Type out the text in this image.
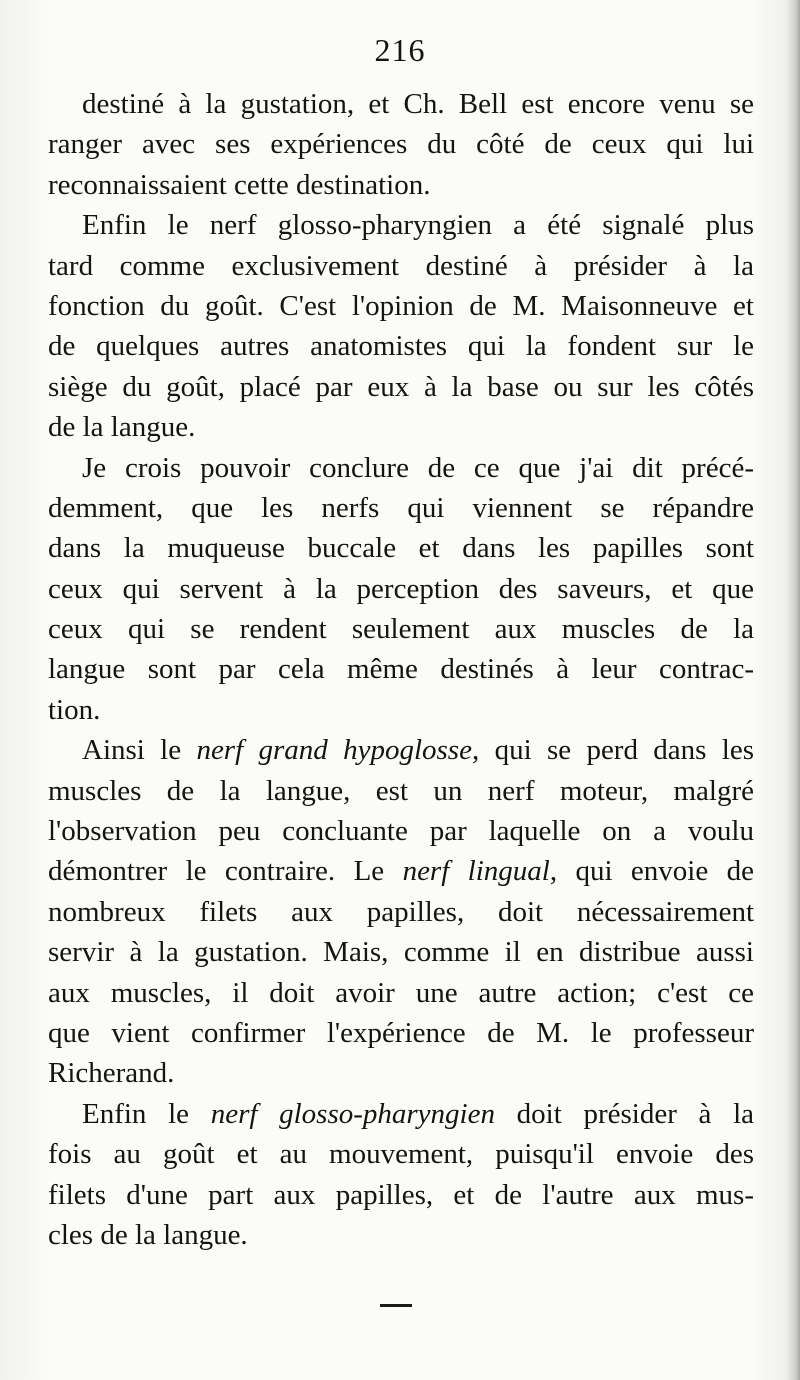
216
destiné à la gustation, et Ch. Bell est encore venu se
ranger avec ses expériences du côté de ceux qui lui
reconnaissaient cette destination.
Enfin le nerf glosso-pharyngien a été signalé plus
tard comme exclusivement destiné à présider à la
fonction du goût. C'est l'opinion de M. Maisonneuve et
de quelques autres anatomistes qui la fondent sur le
siège du goût, placé par eux à la base ou sur les côtés
de la langue.
Je crois pouvoir conclure de ce que j'ai dit précé-
demment, que les nerfs qui viennent se répandre
dans la muqueuse buccale et dans les papilles sont
ceux qui servent à la perception des saveurs, et que
ceux qui se rendent seulement aux muscles de la
langue sont par cela même destinés à leur contrac-
tion.
Ainsi le nerf grand hypoglosse, qui se perd dans les
muscles de la langue, est un nerf moteur, malgré
l'observation peu concluante par laquelle on a voulu
démontrer le contraire. Le nerf lingual, qui envoie de
nombreux filets aux papilles, doit nécessairement
servir à la gustation. Mais, comme il en distribue aussi
aux muscles, il doit avoir une autre action; c'est ce
que vient confirmer l'expérience de M. le professeur
Richerand.
Enfin le nerf glosso-pharyngien doit présider à la
fois au goût et au mouvement, puisqu'il envoie des
filets d'une part aux papilles, et de l'autre aux mus-
cles de la langue.
